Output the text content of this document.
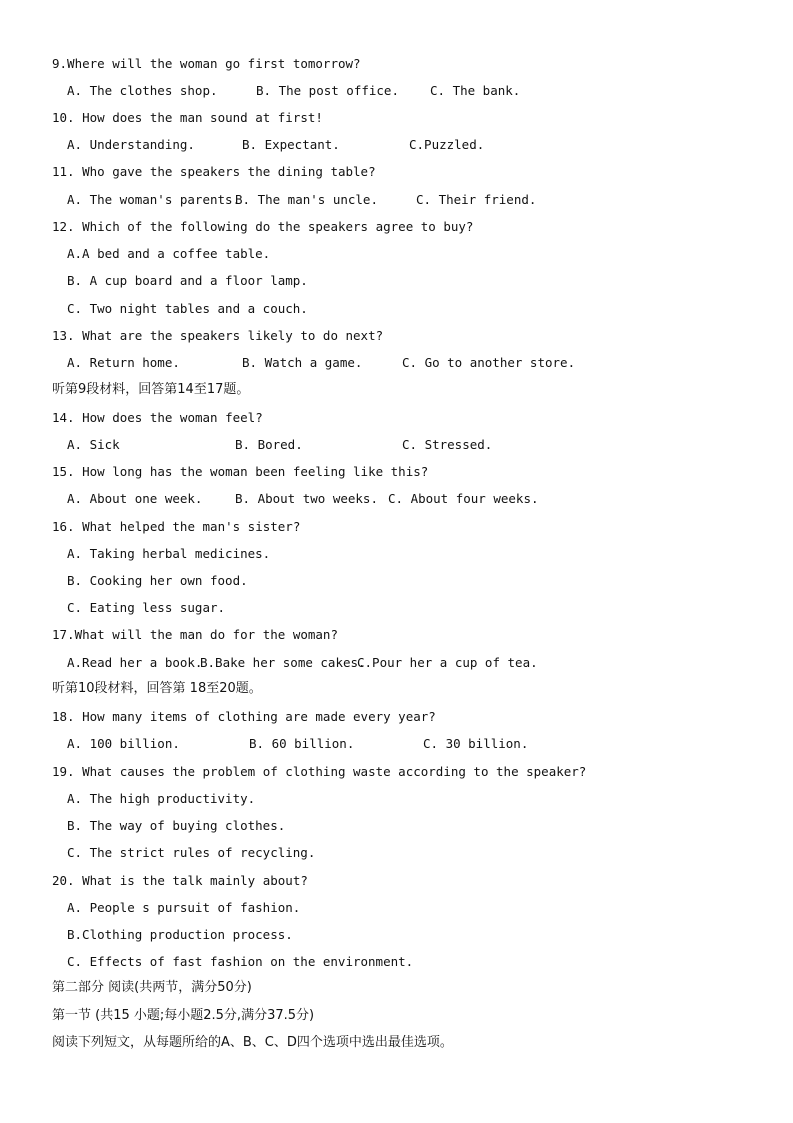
9.Where will the woman go first tomorrow?
A. The clothes shop.	B. The post office. C. The bank.
10. How does the man sound at first!
A. Understanding.	B. Expectant.	C.Puzzled.
11. Who gave the speakers the dining table?
A. The woman's parents.
B. The man's uncle.	C. Their friend.
12. Which of the following do the speakers agree to buy?
A.A bed and a coffee table.
B. A cup board and a floor lamp.
C. Two night tables and a couch.
13. What are the speakers likely to do next?
A. Return home.	B. Watch a game.	C. Go to another store.
听第9段材料，回答第14至17题。
14. How does the woman feel?
A. Sick	B. Bored.	C. Stressed.
15. How long has the woman been feeling like this?
A. About one week.	B. About two weeks. C. About four weeks.
16. What helped the man's sister?
A. Taking herbal medicines.
B. Cooking her own food.
C. Eating less sugar.
17.What will the man do for the woman?
A.Read her a book.
B.Bake her some cakes.
C.Pour her a cup of tea.
听第10段材料，回答第 18至20题。
18. How many items of clothing are made every year?
A. 100 billion.	B. 60 billion.	C. 30 billion.
19. What causes the problem of clothing waste according to the speaker?
A. The high productivity.
B. The way of buying clothes.
C. The strict rules of recycling.
20. What is the talk mainly about?
A. People s pursuit of fashion.
B.Clothing production process.
C. Effects of fast fashion on the environment.
第二部分 阅读(共两节，满分50分)
第一节 (共15 小题;每小题2.5分,满分37.5分)
阅读下列短文，从每题所给的A、B、C、D四个选项中选出最佳选项。
